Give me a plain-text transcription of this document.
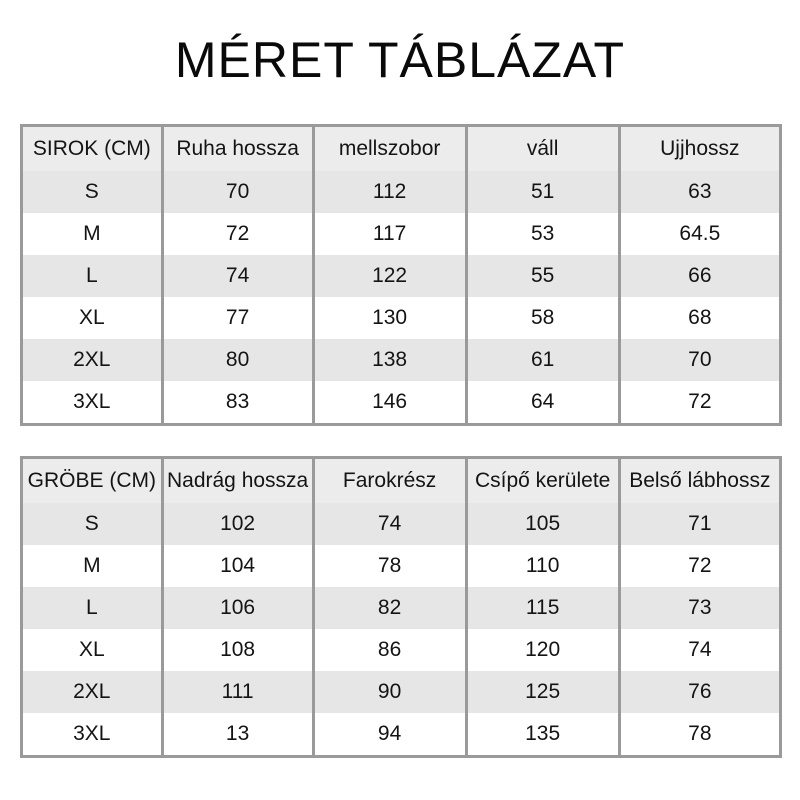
MÉRET TÁBLÁZAT
SIROK (CM)	Ruha hossza	mellszobor	váll	Ujjhossz
S	70	112	51	63
M	72	117	53	64.5
L	74	122	55	66
XL	77	130	58	68
2XL	80	138	61	70
3XL	83	146	64	72
GRÖBE (CM)	Nadrág hossza	Farokrész	Csípő kerülete	Belső lábhossz
S	102	74	105	71
M	104	78	110	72
L	106	82	115	73
XL	108	86	120	74
2XL	111	90	125	76
3XL	13	94	135	78
